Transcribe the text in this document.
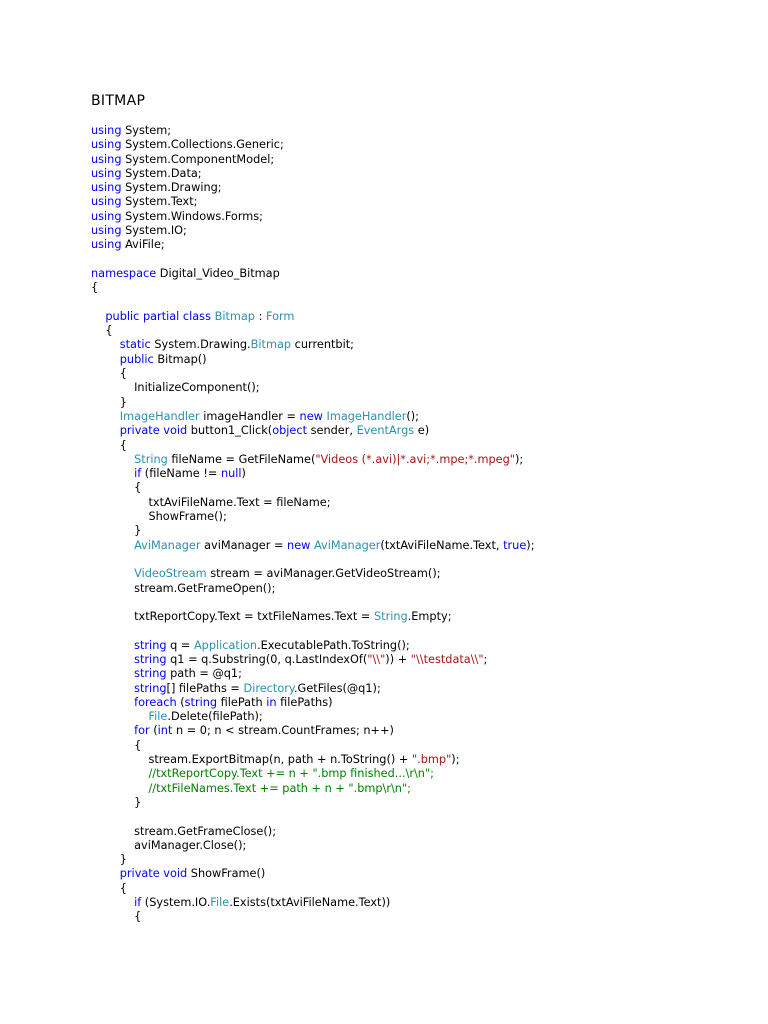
BITMAP
using System;
using System.Collections.Generic;
using System.ComponentModel;
using System.Data;
using System.Drawing;
using System.Text;
using System.Windows.Forms;
using System.IO;
using AviFile;

namespace Digital_Video_Bitmap
{

public partial class Bitmap : Form
{
static System.Drawing.Bitmap currentbit;
public Bitmap()
{
InitializeComponent();
}
ImageHandler imageHandler = new ImageHandler();
private void button1_Click(object sender, EventArgs e)
{
String fileName = GetFileName("Videos (*.avi)|*.avi;*.mpe;*.mpeg");
if (fileName != null)
{
txtAviFileName.Text = fileName;
ShowFrame();
}
AviManager aviManager = new AviManager(txtAviFileName.Text, true);

VideoStream stream = aviManager.GetVideoStream();
stream.GetFrameOpen();

txtReportCopy.Text = txtFileNames.Text = String.Empty;

string q = Application.ExecutablePath.ToString();
string q1 = q.Substring(0, q.LastIndexOf("\\")) + "\\testdata\\";
string path = @q1;
string[] filePaths = Directory.GetFiles(@q1);
foreach (string filePath in filePaths)
File.Delete(filePath);
for (int n = 0; n < stream.CountFrames; n++)
{
stream.ExportBitmap(n, path + n.ToString() + ".bmp");
//txtReportCopy.Text += n + ".bmp finished...\r\n";
//txtFileNames.Text += path + n + ".bmp\r\n";
}

stream.GetFrameClose();
aviManager.Close();
}
private void ShowFrame()
{
if (System.IO.File.Exists(txtAviFileName.Text))
{
